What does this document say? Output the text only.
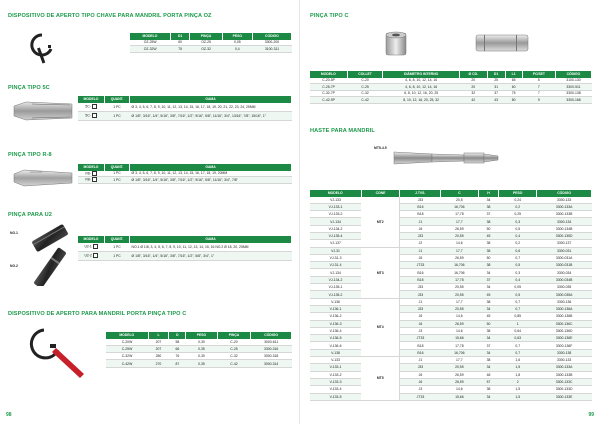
DISPOSITIVO DE APERTO TIPO CHAVE PARA MANDRIL PORTA PINÇA OZ
MODELO	D1	PINÇA	PESO	CÓDIGO
OZ-25W	60	OZ-25	0,05	3300-200
OZ-32W	75	OZ-32	0,4	3100-311
PINÇA TIPO 5C
MODELO	QUANT.	GAMA
5C-	1 PC	Ø 3, 4, 5, 6, 7, 8, 9, 10, 11, 12, 13, 14, 15, 16, 17, 18, 19, 20, 21, 22, 23, 24, 25MM
5C-	1 PC	Ø 1/8", 3/16", 1/4", 5/16", 3/8", 7/16", 1/2", 9/16", 5/8", 11/16", 3/4", 13/16", 7/8", 15/16", 1"
PINÇA TIPO R-8
MODELO	QUANT.	GAMA
R8-	1 PC	Ø 3, 4, 5, 6, 7, 8, 9, 10, 11, 12, 13, 14, 15, 16, 17, 18, 19, 20MM
R8-	1 PC	Ø 1/8", 3/16", 1/4", 5/16", 3/8", 7/16", 1/2", 9/16", 5/8", 11/16", 3/4", 7/8"
PINÇA PARA U2
NO.1
NO.2
MODELO	QUANT.	GAMA
U2-1	1 PC	NO.1 Ø 1/8, 3, 4, 5, 6, 7, 8, 9, 10, 11, 12, 13, 14, 15, 16 NO.2 Ø 18, 20, 25MM
U2-2	1 PC	Ø 1/8", 3/16", 1/4", 5/16", 3/8", 7/16", 1/2", 5/8", 3/4", 1"
DISPOSITIVO DE APERTO PARA MANDRIL PORTA PINÇA TIPO C
MODELO	L	D	PESO	PINÇA	CÓDIGO
C-20W	207	58	0,30	C-20	3000-611
C-25W	207	66	0,35	C-25	3300-316
C-32W	280	76	0,30	C-32	3000-318
C-42W	270	87	0,35	C-42	3000-314
98
PINÇA TIPO C
MODELO	COLLET	DIÂMETRO INTERNO	Ø CD.	D1	L1	PC/SET	CÓDIGO
C-20-5P	C-20	4, 6, 8, 10, 12, 14, 16	20	25	65	5	3100-130
C-25-7P	C-25	4, 6, 8, 10, 12, 14, 16	20	31	60	7	3300-511
C-32-7P	C-32	6, 8, 10, 12, 16, 20, 25	32	37	75	7	3300-138
C-42-9P	C-42	8, 10, 12, 16, 20, 25, 32	42	43	80	9	3300-168
HASTE PARA MANDRIL
MT5-4.5
MODELO	CONE	J.TVS.	C	H	PESO	CÓDIGO
VJ-133	MT2	J33	20,5	34	0,24	3300-133
VJ-133-1		B16	16,706	38	0,2	3300-133A
VJ-133-2		B18	17,78	37	0,25	3300-133B
VJ-134		J1	17,7	38	0,3	3300-134
VJ-134-2		J6	26,59	50	0,5	3300-134B
VJ-135-4		J33	20,55	45	0,4	3300-135D
VJ-137		J2	14,6	38	0,2	3300-137
VJ-31	MT3	J1	17,7	38	0,6	3300-031
VJ-31-3		J6	26,59	50	0,7	3300-031A
VJ-31-4		JT33	16,706	38	0,5	3300-031B
VJ-134		B16	16,706	34	0,3	3300-034
VJ-134-2		B18	17,78	37	0,4	3300-034B
VJ-135-1		J33	20,55	34	0,05	3300-035
VJ-135-2		J33	20,55	45	0,5	3300-035A
V-136	MT4	J1	17,7	38	0,7	3300-136
V-136-1		J33	20,55	34	0,7	3300-136A
V-136-2		J6	14,6	45	0,85	3300-136B
V-136-3		J6	26,59	50	1	3300-136C
V-136-4		J3	14,6	38	0,64	3300-136D
V-136-5		JT33	15,66	34	0,63	3300-136E
V-136-6		B18	17,78	37	0,7	3300-136F
V-138		B16	16,706	34	0,7	3300-138
V-133	MT5	J1	17,7	38	1,6	3300-133
V-133-1		J33	20,55	34	1,5	3300-133A
V-133-2		J6	26,59	48	1,8	3300-133B
V-133-3		J6	26,59	57	2	3300-133C
V-133-4		J3	14,6	38	1,5	3300-133D
V-133-5		JT33	15,66	34	1,5	3300-133E
99
